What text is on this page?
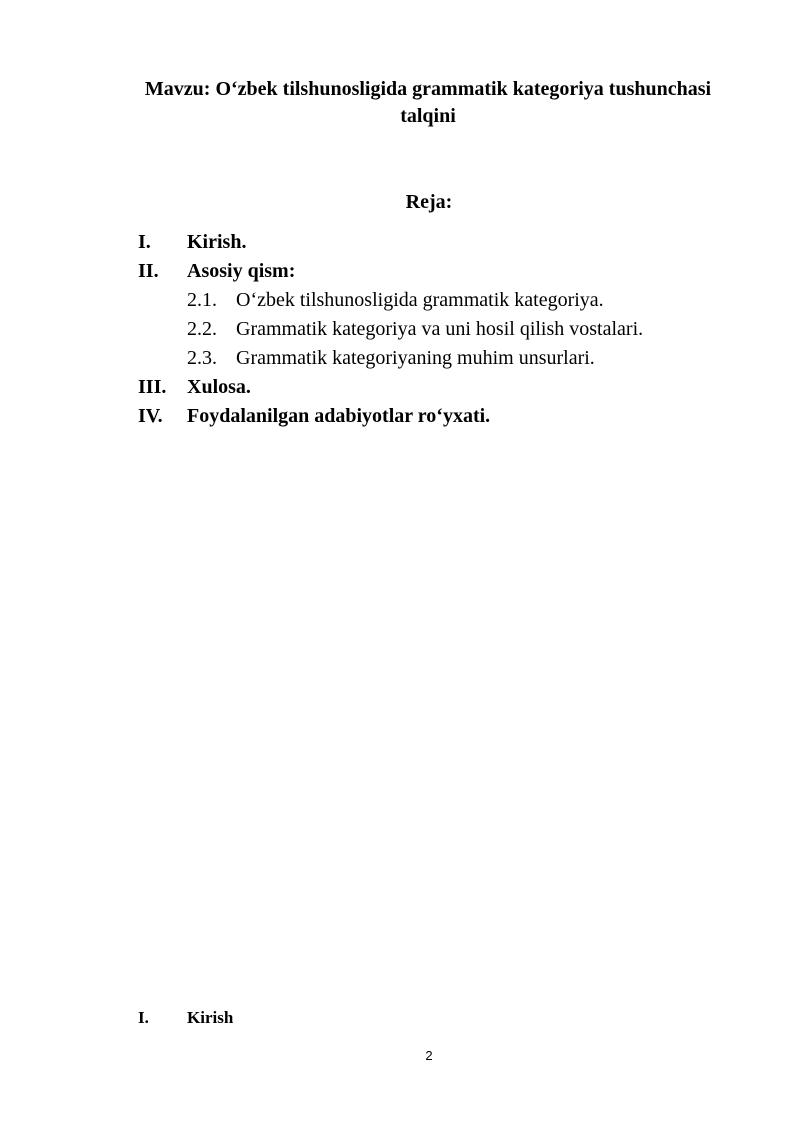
Mavzu: O‘zbek tilshunosligida grammatik kategoriya tushunchasi talqini
Reja:
I. Kirish.
II. Asosiy qism:
2.1. O‘zbek tilshunosligida grammatik kategoriya.
2.2. Grammatik kategoriya va uni hosil qilish vostalari.
2.3. Grammatik kategoriyaning muhim unsurlari.
III. Xulosa.
IV. Foydalanilgan adabiyotlar ro‘yxati.
I. Kirish
2
